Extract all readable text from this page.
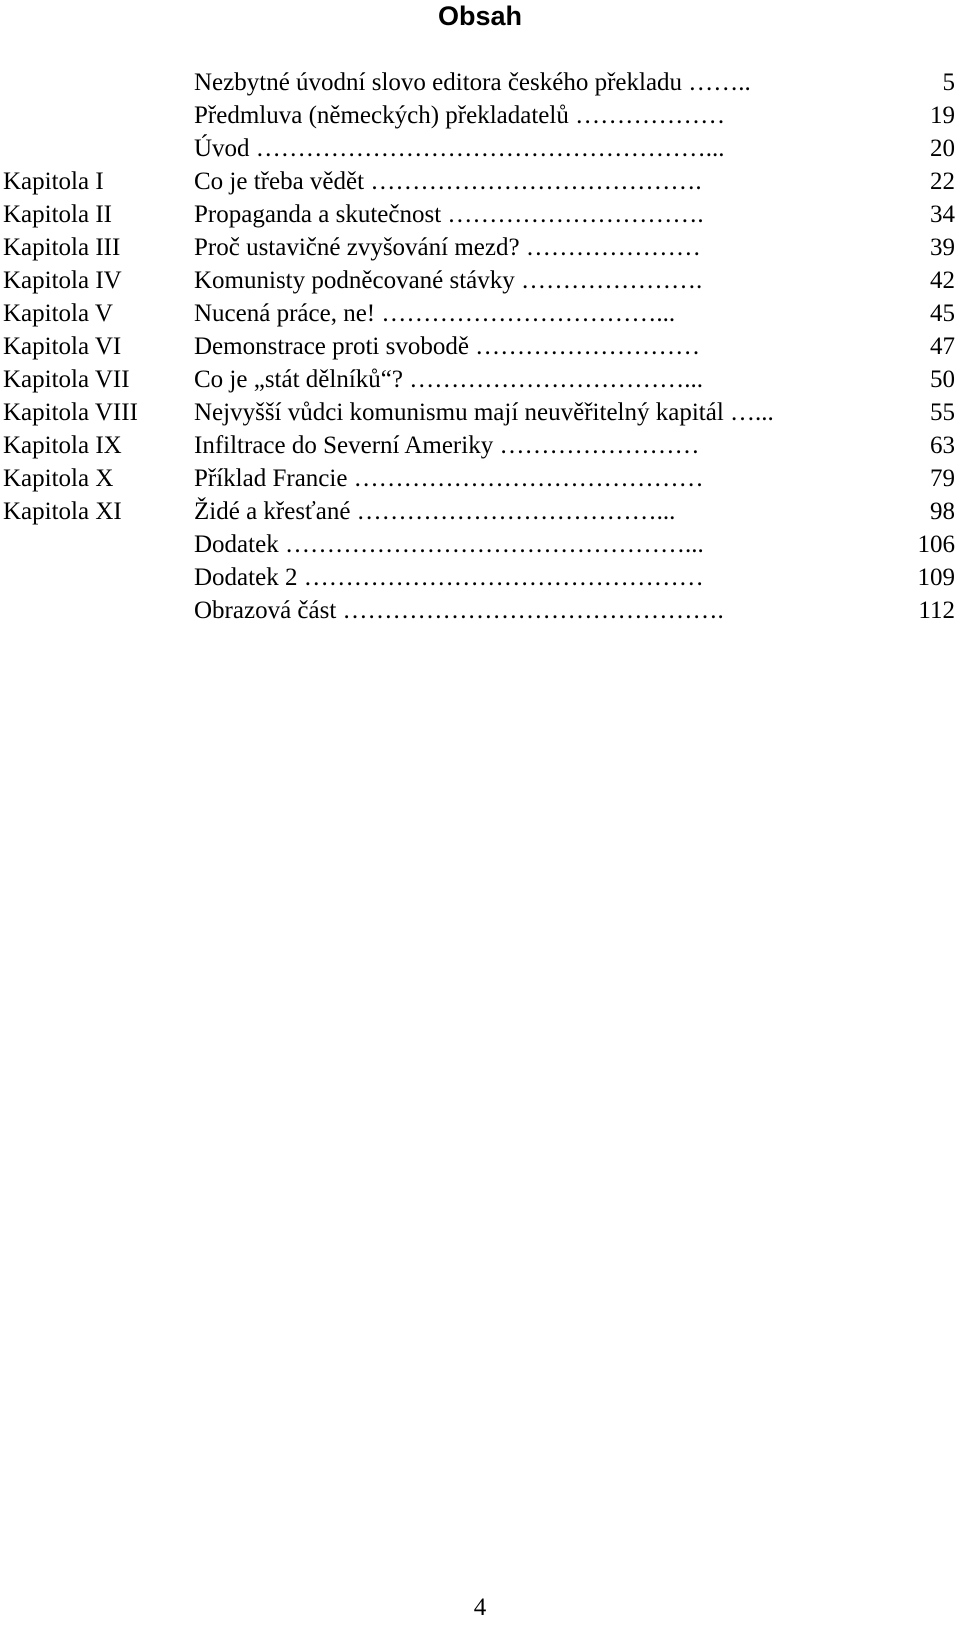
Obsah
Nezbytné úvodní slovo editora českého překladu ……..	5
Předmluva (německých) překladatelů ………………	19
Úvod ………………………………………………...	20
Kapitola I	Co je třeba vědět ………………………………….	22
Kapitola II	Propaganda a skutečnost ………………………….	34
Kapitola III	Proč ustavičné zvyšování mezd? …………………	39
Kapitola IV	Komunisty podněcované stávky ………………….	42
Kapitola V	Nucená práce, ne! ……………………………...	45
Kapitola VI	Demonstrace proti svobodě ………………………	47
Kapitola VII	Co je „stát dělníků“? ……………………………...	50
Kapitola VIII Nejvyšší vůdci komunismu mají neuvěřitelný kapitál …...	55
Kapitola IX	Infiltrace do Severní Ameriky ……………………	63
Kapitola X	Příklad Francie ……………………………………	79
Kapitola XI	Židé a křesťané ………………………………...	98
Dodatek …………………………………………...	106
Dodatek 2 …………………………………………	109
Obrazová část ……………………………………….	112
4
